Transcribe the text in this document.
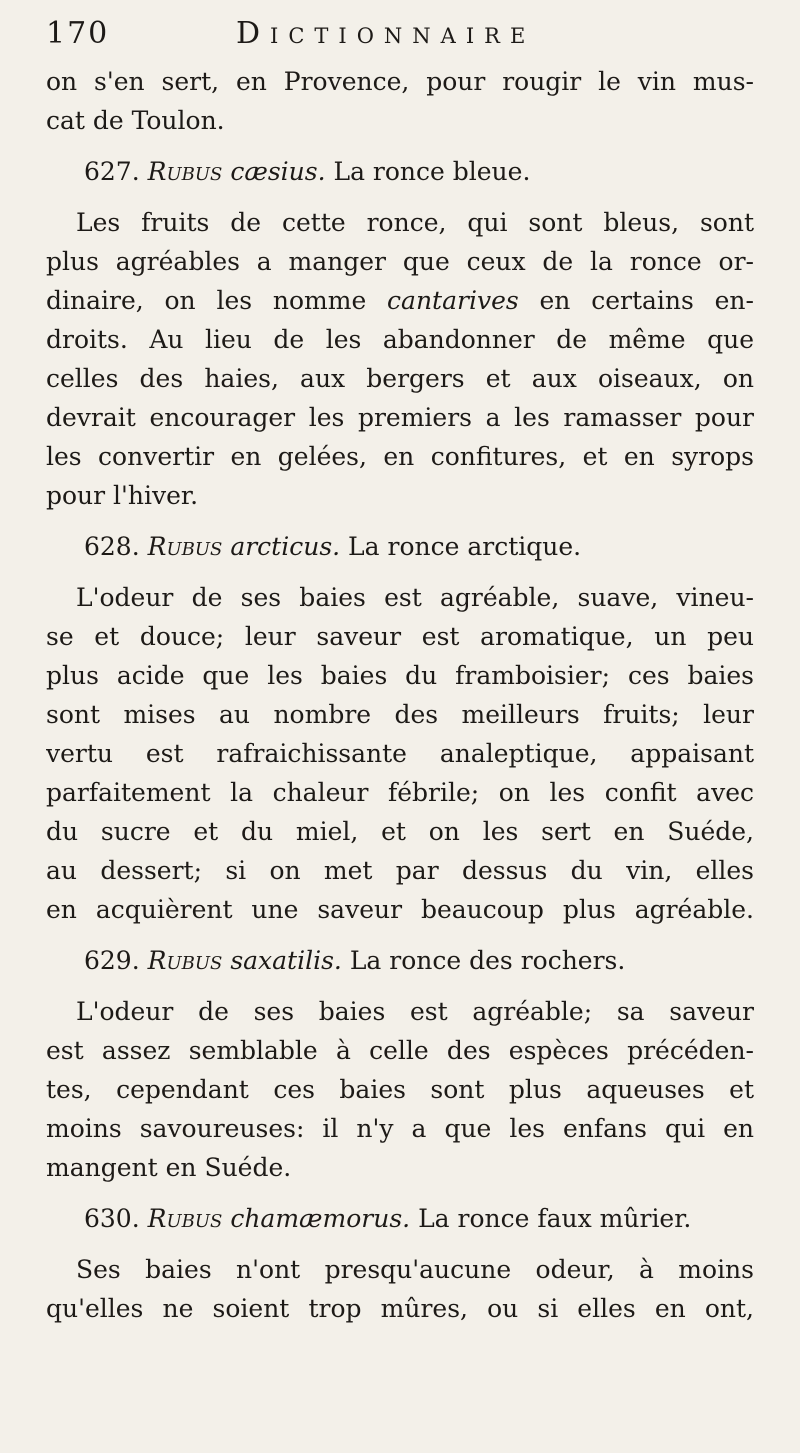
170	Dictionnaire
on s'en sert, en Provence, pour rougir le vin mus-
cat de Toulon.
627. Rubus cæsius. La ronce bleue.
Les fruits de cette ronce, qui sont bleus, sont
plus agréables a manger que ceux de la ronce or-
dinaire, on les nomme cantarives en certains en-
droits. Au lieu de les abandonner de même que
celles des haies, aux bergers et aux oiseaux, on
devrait encourager les premiers a les ramasser pour
les convertir en gelées, en confitures, et en syrops
pour l'hiver.
628. Rubus arcticus. La ronce arctique.
L'odeur de ses baies est agréable, suave, vineu-
se et douce; leur saveur est aromatique, un peu
plus acide que les baies du framboisier; ces baies
sont mises au nombre des meilleurs fruits; leur
vertu est rafraichissante analeptique, appaisant
parfaitement la chaleur fébrile; on les confit avec
du sucre et du miel, et on les sert en Suéde,
au dessert; si on met par dessus du vin, elles
en acquièrent une saveur beaucoup plus agréable.
629. Rubus saxatilis. La ronce des rochers.
L'odeur de ses baies est agréable; sa saveur
est assez semblable à celle des espèces précéden-
tes, cependant ces baies sont plus aqueuses et
moins savoureuses: il n'y a que les enfans qui en
mangent en Suéde.
630. Rubus chamæmorus. La ronce faux mûrier.
Ses baies n'ont presqu'aucune odeur, à moins
qu'elles ne soient trop mûres, ou si elles en ont,
